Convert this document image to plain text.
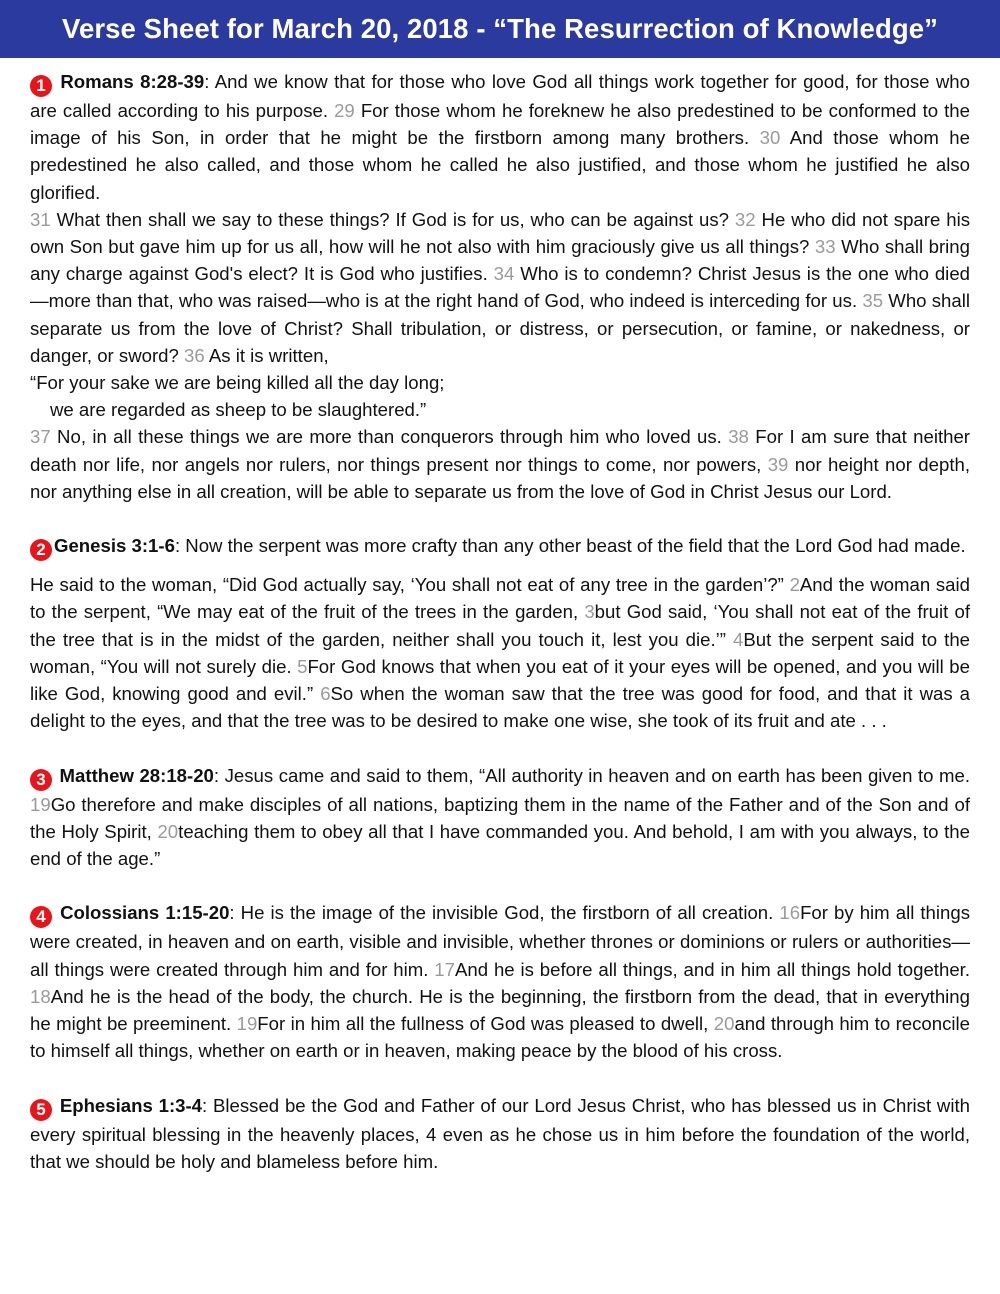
Verse Sheet for March 20, 2018 - “The Resurrection of Knowledge”
1 Romans 8:28-39: And we know that for those who love God all things work together for good, for those who are called according to his purpose. 29 For those whom he foreknew he also predestined to be conformed to the image of his Son, in order that he might be the firstborn among many brothers. 30 And those whom he predestined he also called, and those whom he called he also justified, and those whom he justified he also glorified.
31 What then shall we say to these things? If God is for us, who can be against us? 32 He who did not spare his own Son but gave him up for us all, how will he not also with him graciously give us all things? 33 Who shall bring any charge against God's elect? It is God who justifies. 34 Who is to condemn? Christ Jesus is the one who died—more than that, who was raised—who is at the right hand of God, who indeed is interceding for us. 35 Who shall separate us from the love of Christ? Shall tribulation, or distress, or persecution, or famine, or nakedness, or danger, or sword? 36 As it is written,
“For your sake we are being killed all the day long;
we are regarded as sheep to be slaughtered.”
37 No, in all these things we are more than conquerors through him who loved us. 38 For I am sure that neither death nor life, nor angels nor rulers, nor things present nor things to come, nor powers, 39 nor height nor depth, nor anything else in all creation, will be able to separate us from the love of God in Christ Jesus our Lord.
2 Genesis 3:1-6: Now the serpent was more crafty than any other beast of the field that the Lord God had made.
He said to the woman, “Did God actually say, ‘You shall not eat of any tree in the garden’?” 2And the woman said to the serpent, “We may eat of the fruit of the trees in the garden, 3but God said, ‘You shall not eat of the fruit of the tree that is in the midst of the garden, neither shall you touch it, lest you die.’” 4But the serpent said to the woman, “You will not surely die. 5For God knows that when you eat of it your eyes will be opened, and you will be like God, knowing good and evil.” 6So when the woman saw that the tree was good for food, and that it was a delight to the eyes, and that the tree was to be desired to make one wise, she took of its fruit and ate . . .
3 Matthew 28:18-20: Jesus came and said to them, “All authority in heaven and on earth has been given to me. 19Go therefore and make disciples of all nations, baptizing them in the name of the Father and of the Son and of the Holy Spirit, 20teaching them to obey all that I have commanded you. And behold, I am with you always, to the end of the age.”
4 Colossians 1:15-20: He is the image of the invisible God, the firstborn of all creation. 16For by him all things were created, in heaven and on earth, visible and invisible, whether thrones or dominions or rulers or authorities—all things were created through him and for him. 17And he is before all things, and in him all things hold together. 18And he is the head of the body, the church. He is the beginning, the firstborn from the dead, that in everything he might be preeminent. 19For in him all the fullness of God was pleased to dwell, 20and through him to reconcile to himself all things, whether on earth or in heaven, making peace by the blood of his cross.
5 Ephesians 1:3-4: Blessed be the God and Father of our Lord Jesus Christ, who has blessed us in Christ with every spiritual blessing in the heavenly places, 4 even as he chose us in him before the foundation of the world, that we should be holy and blameless before him.
